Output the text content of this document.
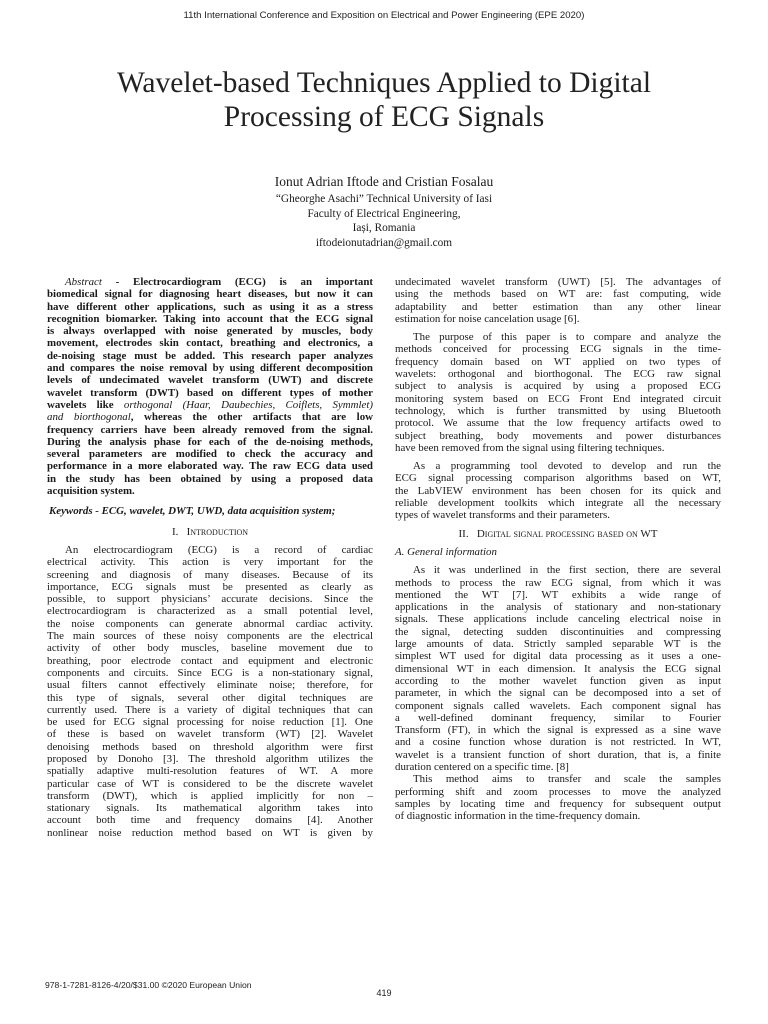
11th International Conference and Exposition on Electrical and Power Engineering (EPE 2020)
Wavelet-based Techniques Applied to Digital
Processing of ECG Signals
Ionut Adrian Iftode and Cristian Fosalau
“Gheorghe Asachi” Technical University of Iasi
Faculty of Electrical Engineering,
Iași, Romania
iftodeionutadrian@gmail.com
Abstract - Electrocardiogram (ECG) is an important
biomedical signal for diagnosing heart diseases, but now it can
have different other applications, such as using it as a stress
recognition biomarker. Taking into account that the ECG signal
is always overlapped with noise generated by muscles, body
movement, electrodes skin contact, breathing and electronics, a
de-noising stage must be added. This research paper analyzes
and compares the noise removal by using different decomposition
levels of undecimated wavelet transform (UWT) and discrete
wavelet transform (DWT) based on different types of mother
wavelets like orthogonal (Haar, Daubechies, Coiflets, Symmlet)
and biorthogonal, whereas the other artifacts that are low
frequency carriers have been already removed from the signal.
During the analysis phase for each of the de-noising methods,
several parameters are modified to check the accuracy and
performance in a more elaborated way. The raw ECG data used
in the study has been obtained by using a proposed data
acquisition system.
Keywords - ECG, wavelet, DWT, UWD, data acquisition system;
I. Introduction
An electrocardiogram (ECG) is a record of cardiac
electrical activity. This action is very important for the
screening and diagnosis of many diseases. Because of its
importance, ECG signals must be presented as clearly as
possible, to support physicians’ accurate decisions. Since the
electrocardiogram is characterized as a small potential level,
the noise components can generate abnormal cardiac activity.
The main sources of these noisy components are the electrical
activity of other body muscles, baseline movement due to
breathing, poor electrode contact and equipment and electronic
components and circuits. Since ECG is a non-stationary signal,
usual filters cannot effectively eliminate noise; therefore, for
this type of signals, several other digital techniques are
currently used. There is a variety of digital techniques that can
be used for ECG signal processing for noise reduction [1]. One
of these is based on wavelet transform (WT) [2]. Wavelet
denoising methods based on threshold algorithm were first
proposed by Donoho [3]. The threshold algorithm utilizes the
spatially adaptive multi-resolution features of WT. A more
particular case of WT is considered to be the discrete wavelet
transform (DWT), which is applied implicitly for non –
stationary signals. Its mathematical algorithm takes into
account both time and frequency domains [4]. Another
nonlinear noise reduction method based on WT is given by
undecimated wavelet transform (UWT) [5]. The advantages of
using the methods based on WT are: fast computing, wide
adaptability and better estimation than any other linear
estimation for noise cancelation usage [6].
The purpose of this paper is to compare and analyze the
methods conceived for processing ECG signals in the time-
frequency domain based on WT applied on two types of
wavelets: orthogonal and biorthogonal. The ECG raw signal
subject to analysis is acquired by using a proposed ECG
monitoring system based on ECG Front End integrated circuit
technology, which is further transmitted by using Bluetooth
protocol. We assume that the low frequency artifacts owed to
subject breathing, body movements and power disturbances
have been removed from the signal using filtering techniques.
As a programming tool devoted to develop and run the
ECG signal processing comparison algorithms based on WT,
the LabVIEW environment has been chosen for its quick and
reliable development toolkits which integrate all the necessary
types of wavelet transforms and their parameters.
II. Digital signal processing based on WT
A. General information
As it was underlined in the first section, there are several
methods to process the raw ECG signal, from which it was
mentioned the WT [7]. WT exhibits a wide range of
applications in the analysis of stationary and non-stationary
signals. These applications include canceling electrical noise in
the signal, detecting sudden discontinuities and compressing
large amounts of data. Strictly sampled separable WT is the
simplest WT used for digital data processing as it uses a one-
dimensional WT in each dimension. It analysis the ECG signal
according to the mother wavelet function given as input
parameter, in which the signal can be decomposed into a set of
component signals called wavelets. Each component signal has
a well-defined dominant frequency, similar to Fourier
Transform (FT), in which the signal is expressed as a sine wave
and a cosine function whose duration is not restricted. In WT,
wavelet is a transient function of short duration, that is, a finite
duration centered on a specific time. [8]
This method aims to transfer and scale the samples
performing shift and zoom processes to move the analyzed
samples by locating time and frequency for subsequent output
of diagnostic information in the time-frequency domain.
978-1-7281-8126-4/20/$31.00 ©2020 European Union
419
